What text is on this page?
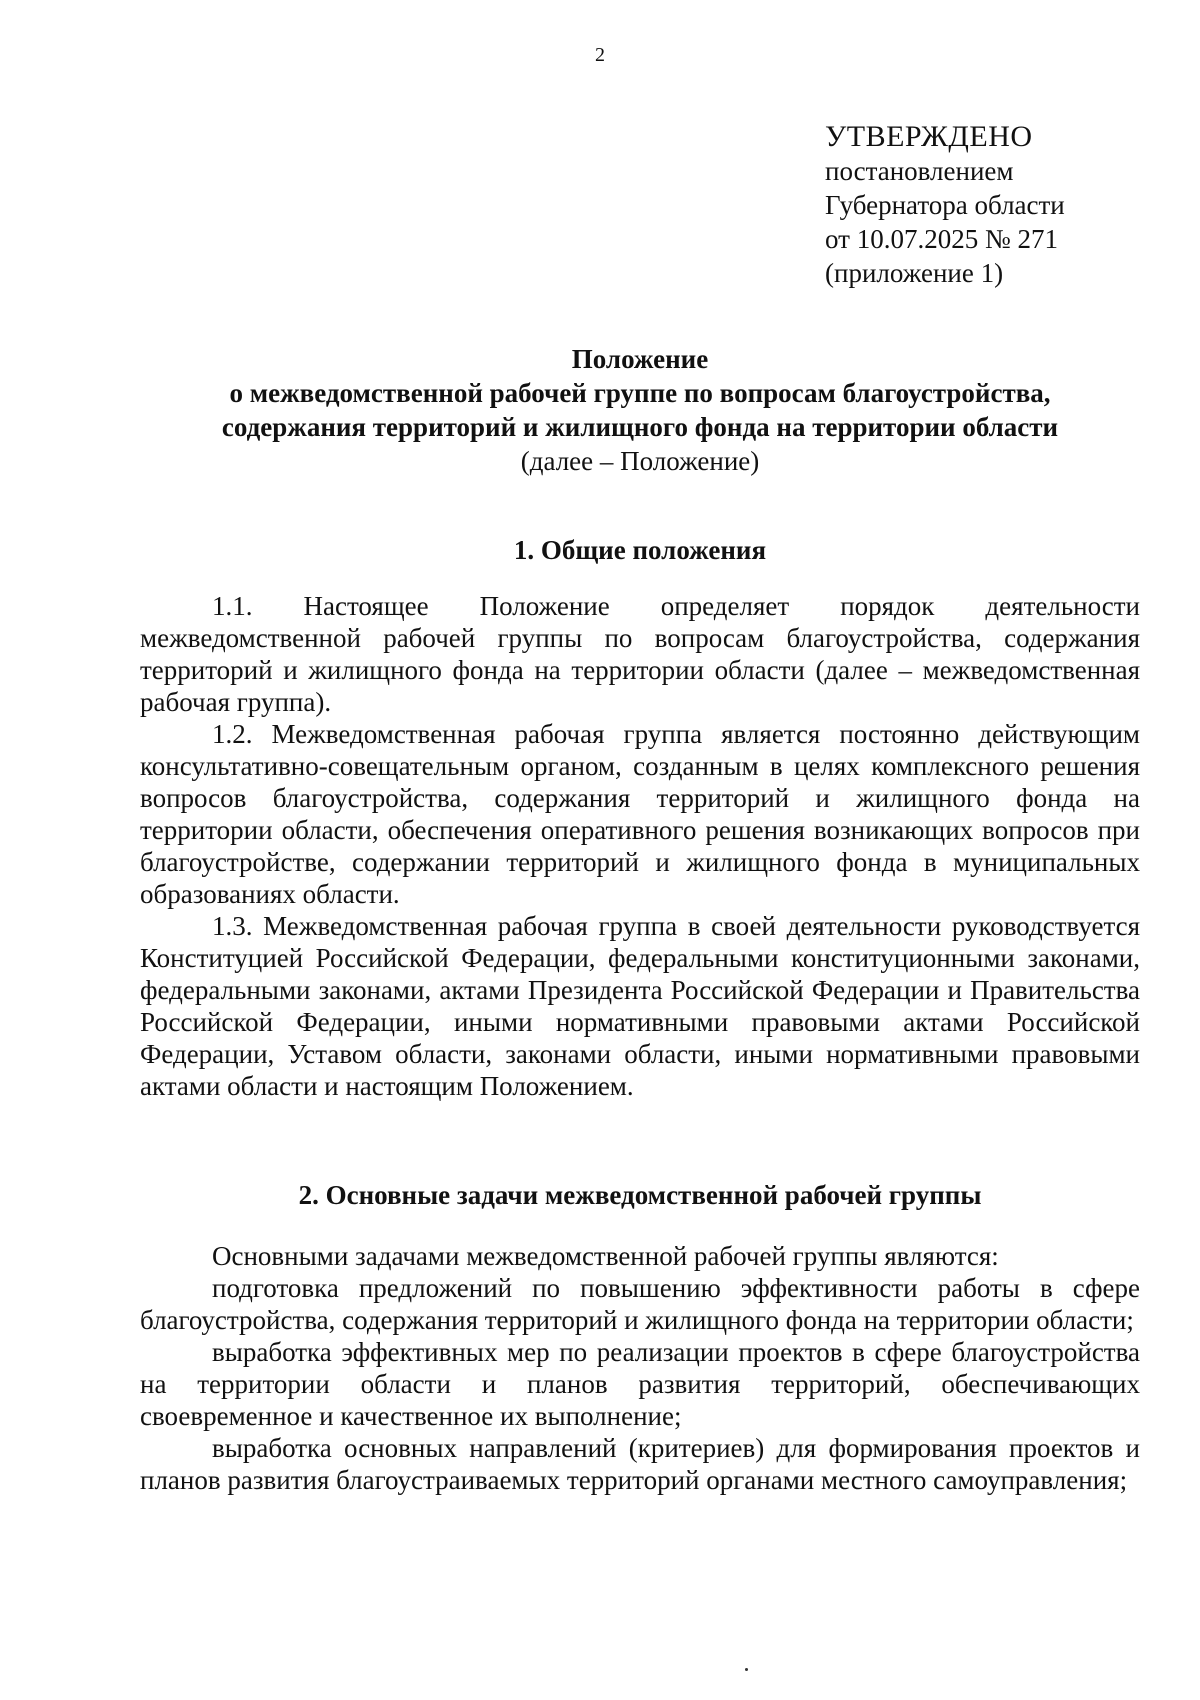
2
УТВЕРЖДЕНО
постановлением
Губернатора области
от 10.07.2025 № 271
(приложение 1)
Положение
о межведомственной рабочей группе по вопросам благоустройства,
содержания территорий и жилищного фонда на территории области
(далее – Положение)
1. Общие положения

1.1. Настоящее Положение определяет порядок деятельности межведомственной рабочей группы по вопросам благоустройства, содержания территорий и жилищного фонда на территории области (далее – межведомственная рабочая группа).

1.2. Межведомственная рабочая группа является постоянно действующим консультативно-совещательным органом, созданным в целях комплексного решения вопросов благоустройства, содержания территорий и жилищного фонда на территории области, обеспечения оперативного решения возникающих вопросов при благоустройстве, содержании территорий и жилищного фонда в муниципальных образованиях области.

1.3. Межведомственная рабочая группа в своей деятельности руководствуется Конституцией Российской Федерации, федеральными конституционными законами, федеральными законами, актами Президента Российской Федерации и Правительства Российской Федерации, иными нормативными правовыми актами Российской Федерации, Уставом области, законами области, иными нормативными правовыми актами области и настоящим Положением.

2. Основные задачи межведомственной рабочей группы

Основными задачами межведомственной рабочей группы являются:

подготовка предложений по повышению эффективности работы в сфере благоустройства, содержания территорий и жилищного фонда на территории области;

выработка эффективных мер по реализации проектов в сфере благоустройства на территории области и планов развития территорий, обеспечивающих своевременное и качественное их выполнение;

выработка основных направлений (критериев) для формирования проектов и планов развития благоустраиваемых территорий органами местного самоуправления;
